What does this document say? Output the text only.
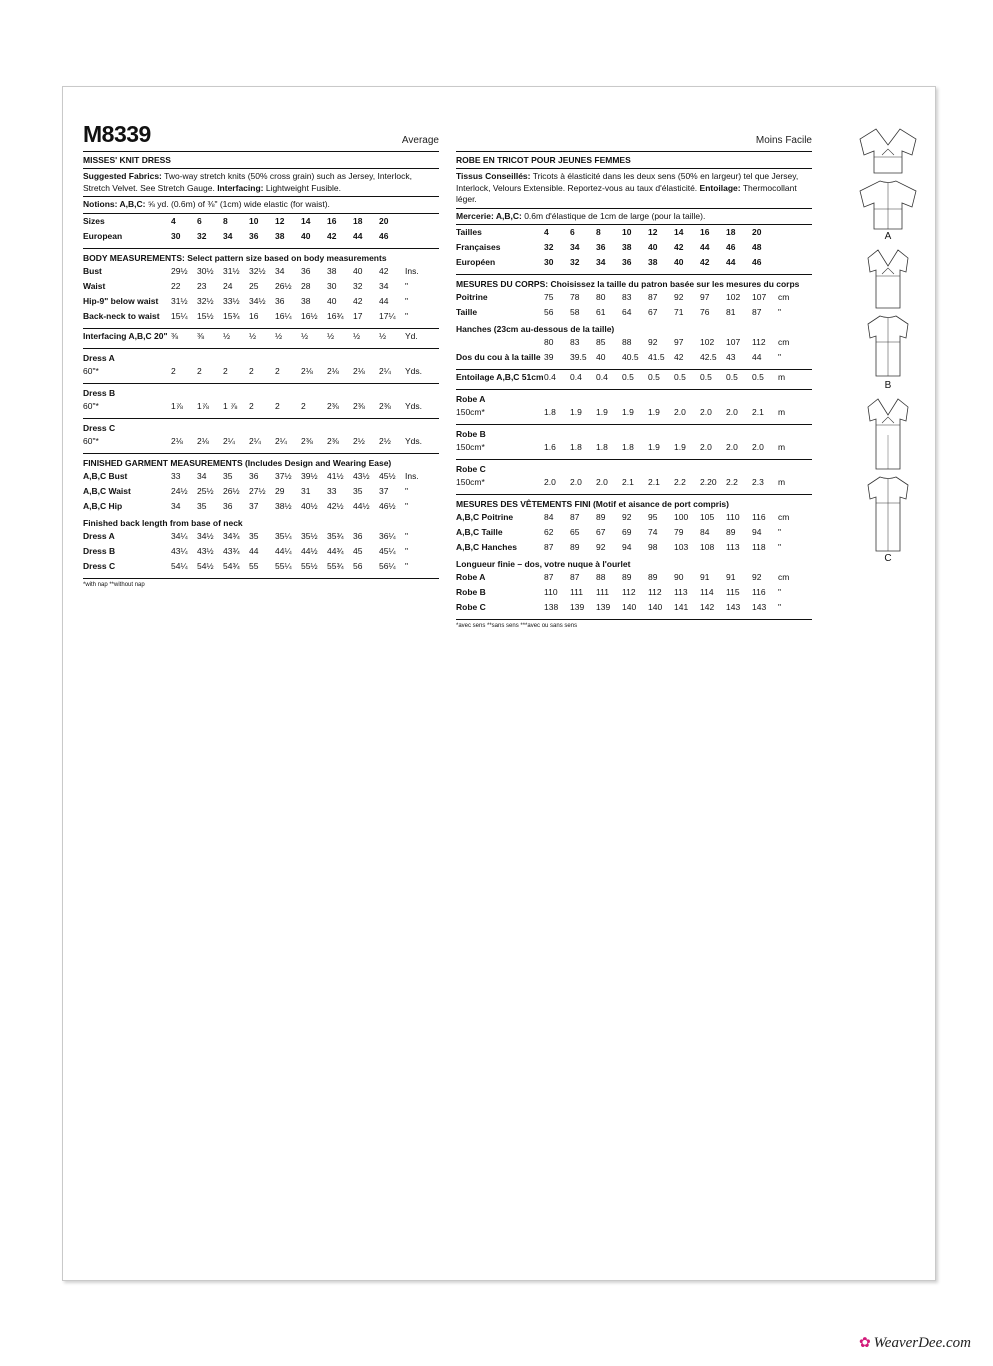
M8339	Average
MISSES' KNIT DRESS
Suggested Fabrics: Two-way stretch knits (50% cross grain) such as Jersey, Interlock, Stretch Velvet. See Stretch Gauge. Interfacing: Lightweight Fusible.
Notions: A,B,C: ⅝ yd. (0.6m) of ⅜" (1cm) wide elastic (for waist).
Sizes	4	6	8	10	12	14	16	18	20
European	30	32	34	36	38	40	42	44	46
BODY MEASUREMENTS: Select pattern size based on body measurements
Bust	29½	30½	31½	32½	34	36	38	40	42	Ins.
Waist	22	23	24	25	26½	28	30	32	34	"
Hip-9" below waist	31½	32½	33½	34½	36	38	40	42	44	"
Back-neck to waist	15¼	15½	15¾	16	16¼	16½	16¾	17	17¼	"
Interfacing A,B,C 20" ⅜	⅜	½	½	½	½	½	½	½	Yd.
Dress A
60"*	2	2	2	2	2	2⅛	2⅛	2⅛	2¼	Yds.
Dress B
60"*	1⅞	1⅞	1 ⅞	2	2	2	2⅜	2⅜	2⅜	Yds.
Dress C
60"*	2⅛	2⅛	2¼	2¼	2¼	2⅜	2⅜	2½	2½	Yds.
FINISHED GARMENT MEASUREMENTS (Includes Design and Wearing Ease)
A,B,C Bust	33	34	35	36	37½	39½	41½	43½	45½	Ins.
A,B,C Waist	24½	25½	26½	27½	29	31	33	35	37	"
A,B,C Hip	34	35	36	37	38½	40½	42½	44½	46½	"
Finished back length from base of neck
Dress A	34¼	34½	34¾	35	35¼	35½	35¾	36	36¼	"
Dress B	43¼	43½	43¾	44	44¼	44½	44¾	45	45¼	"
Dress C	54¼	54½	54¾	55	55¼	55½	55¾	56	56¼	"
*with nap **without nap
Moins Facile
ROBE EN TRICOT POUR JEUNES FEMMES
Tissus Conseillés: Tricots à élasticité dans les deux sens (50% en largeur) tel que Jersey, Interlock, Velours Extensible. Reportez-vous au taux d'élasticité. Entoilage: Thermocollant léger.
Mercerie: A,B,C: 0.6m d'élastique de 1cm de large (pour la taille).
Tailles	4	6	8	10	12	14	16	18	20
Françaises	32	34	36	38	40	42	44	46	48
Européen	30	32	34	36	38	40	42	44	46
MESURES DU CORPS: Choisissez la taille du patron basée sur les mesures du corps
Poitrine	75	78	80	83	87	92	97	102	107	cm
Taille	56	58	61	64	67	71	76	81	87	"
Hanches (23cm au-dessous de la taille)
80	83	85	88	92	97	102	107	112	cm
Dos du cou à la taille 39	39.5	40	40.5	41.5	42	42.5	43	44	"
Entoilage A,B,C 51cm 0.4	0.4	0.4	0.5	0.5	0.5	0.5	0.5	0.5	m
Robe A
150cm*	1.8	1.9	1.9	1.9	1.9	2.0	2.0	2.0	2.1	m
Robe B
150cm*	1.6	1.8	1.8	1.8	1.9	1.9	2.0	2.0	2.0	m
Robe C
150cm*	2.0	2.0	2.0	2.1	2.1	2.2	2.20	2.2	2.3	m
MESURES DES VÊTEMENTS FINI (Motif et aisance de port compris)
A,B,C Poitrine	84	87	89	92	95	100	105	110	116	cm
A,B,C Taille	62	65	67	69	74	79	84	89	94	"
A,B,C Hanches	87	89	92	94	98	103	108	113	118	"
Longueur finie – dos, votre nuque à l'ourlet
Robe A	87	87	88	89	89	90	91	91	92	cm
Robe B	110	111	111	112	112	113	114	115	116	"
Robe C	138	139	139	140	140	141	142	143	143	"
*avec sens **sans sens ***avec ou sans sens
A
B
C
✿ WeaverDee.com
